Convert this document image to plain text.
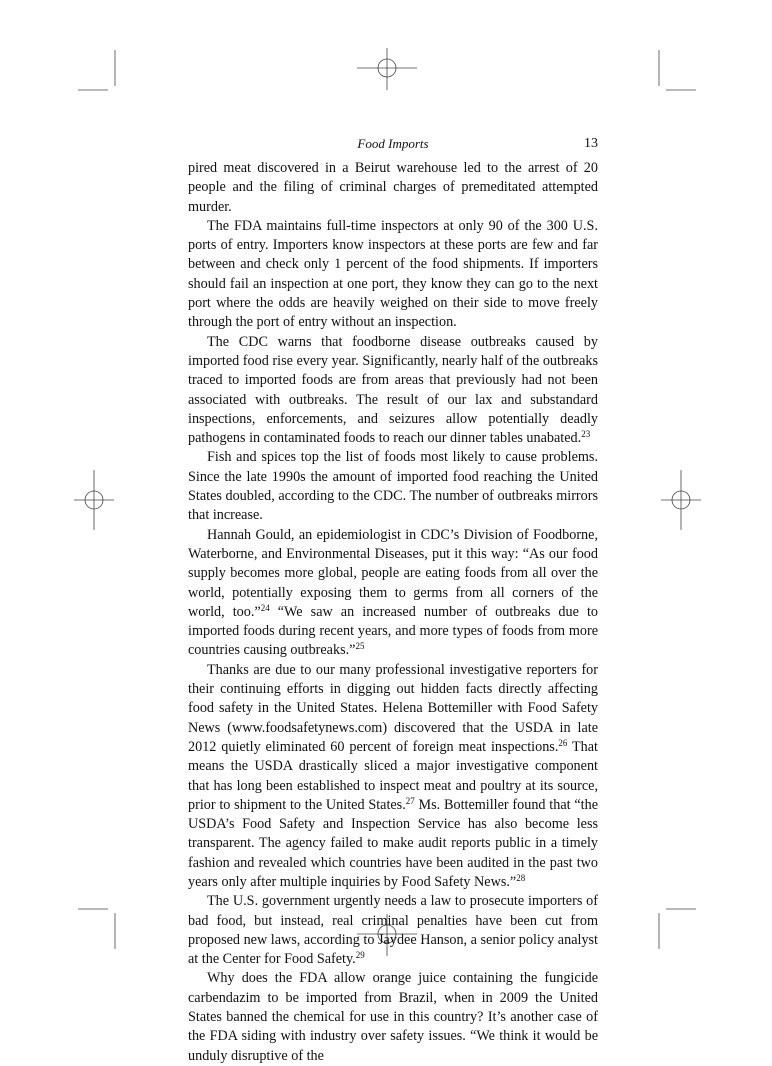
Food Imports	13

pired meat discovered in a Beirut warehouse led to the arrest of 20 people and the filing of criminal charges of premeditated attempted murder.

The FDA maintains full-time inspectors at only 90 of the 300 U.S. ports of entry. Importers know inspectors at these ports are few and far between and check only 1 percent of the food shipments. If importers should fail an inspection at one port, they know they can go to the next port where the odds are heavily weighed on their side to move freely through the port of entry without an inspection.

The CDC warns that foodborne disease outbreaks caused by imported food rise every year. Significantly, nearly half of the outbreaks traced to imported foods are from areas that previously had not been associated with outbreaks. The result of our lax and substandard inspections, enforcements, and seizures allow potentially deadly pathogens in contaminated foods to reach our dinner tables unabated.$^{23}$

Fish and spices top the list of foods most likely to cause problems. Since the late 1990s the amount of imported food reaching the United States doubled, according to the CDC. The number of outbreaks mirrors that increase.

Hannah Gould, an epidemiologist in CDC’s Division of Foodborne, Waterborne, and Environmental Diseases, put it this way: “As our food supply becomes more global, people are eating foods from all over the world, potentially exposing them to germs from all corners of the world, too.”$^{24}$ “We saw an increased number of outbreaks due to imported foods during recent years, and more types of foods from more countries causing outbreaks.”$^{25}$

Thanks are due to our many professional investigative reporters for their continuing efforts in digging out hidden facts directly affecting food safety in the United States. Helena Bottemiller with Food Safety News (www.foodsafetynews.com) discovered that the USDA in late 2012 quietly eliminated 60 percent of foreign meat inspections.$^{26}$ That means the USDA drastically sliced a major investigative component that has long been established to inspect meat and poultry at its source, prior to shipment to the United States.$^{27}$ Ms. Bottemiller found that “the USDA’s Food Safety and Inspection Service has also become less transparent. The agency failed to make audit reports public in a timely fashion and revealed which countries have been audited in the past two years only after multiple inquiries by Food Safety News.”$^{28}$

The U.S. government urgently needs a law to prosecute importers of bad food, but instead, real criminal penalties have been cut from proposed new laws, according to Jaydee Hanson, a senior policy analyst at the Center for Food Safety.$^{29}$

Why does the FDA allow orange juice containing the fungicide carbendazim to be imported from Brazil, when in 2009 the United States banned the chemical for use in this country? It’s another case of the FDA siding with industry over safety issues. “We think it would be unduly disruptive of the
